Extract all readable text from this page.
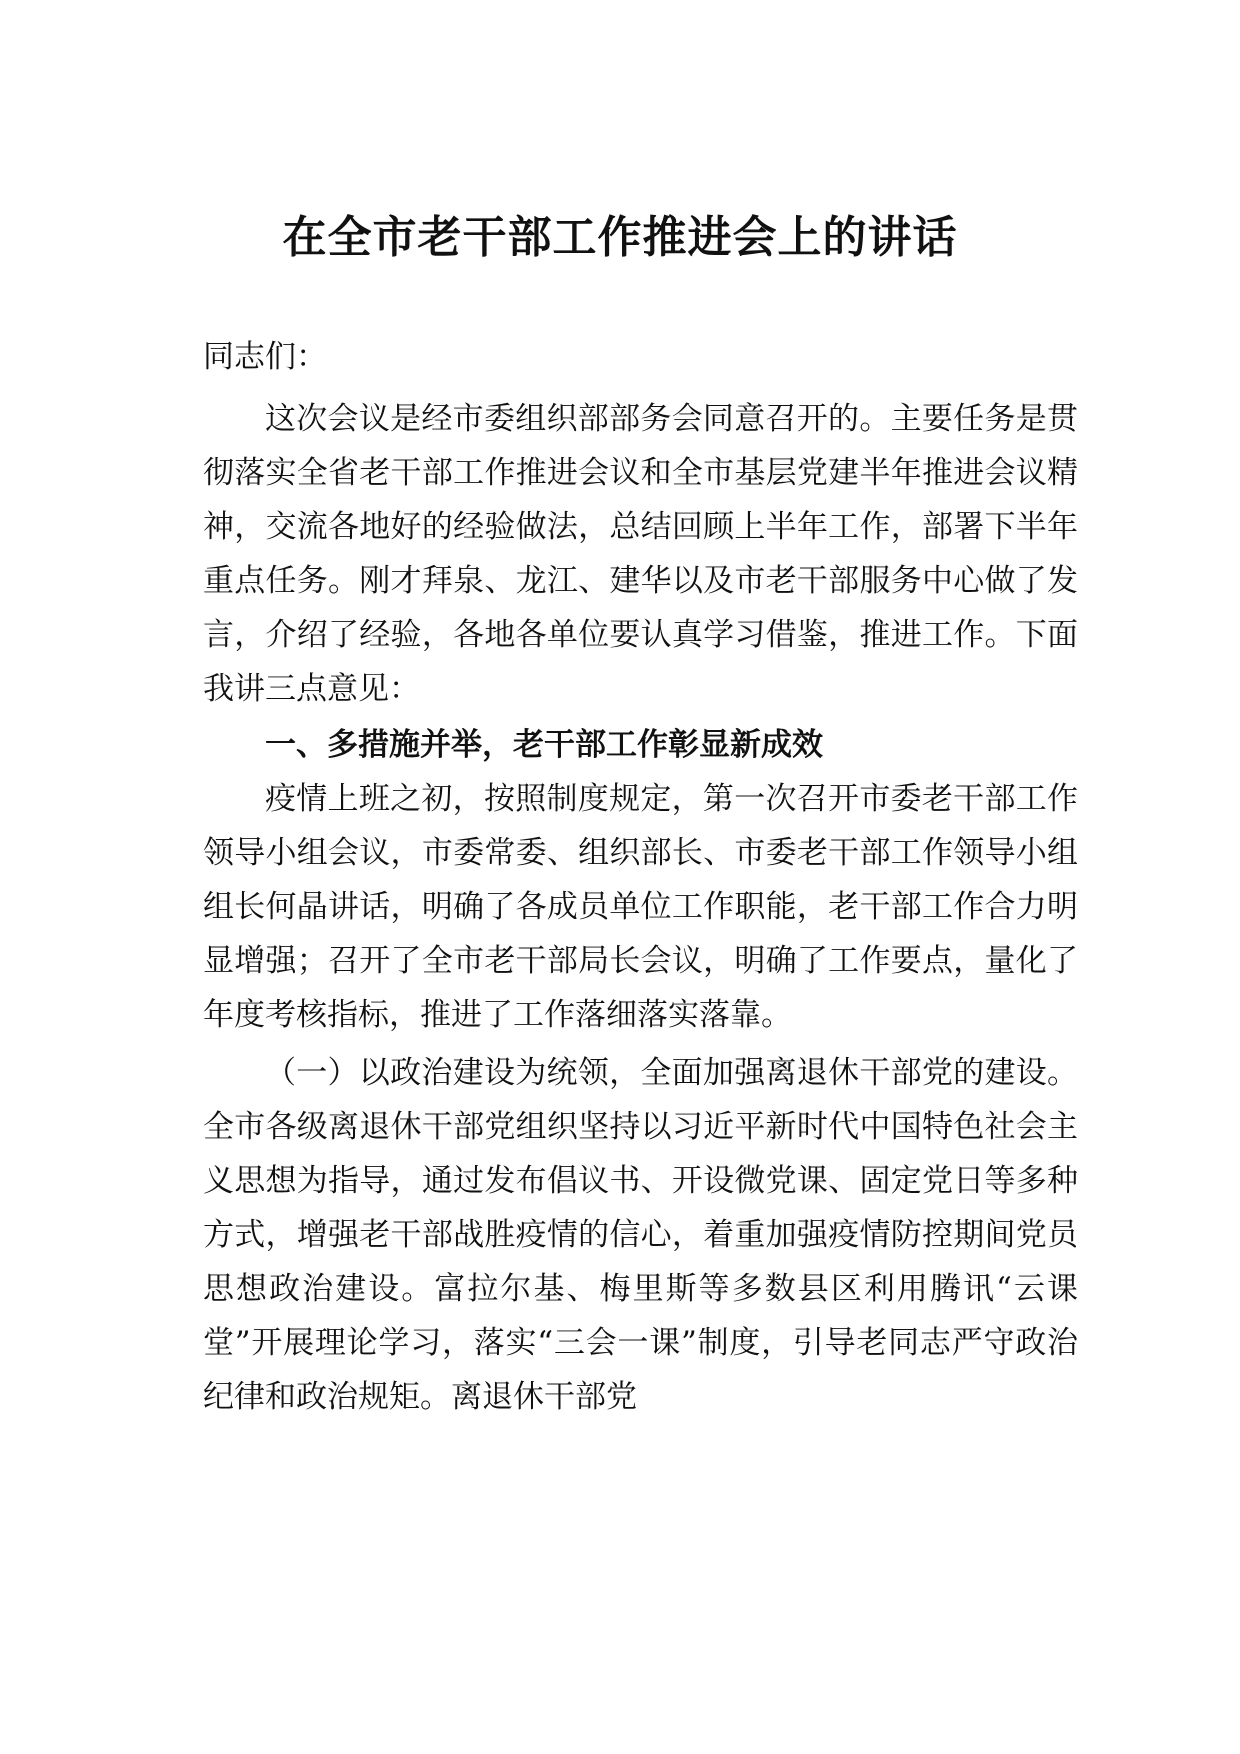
在全市老干部工作推进会上的讲话

同志们：

这次会议是经市委组织部部务会同意召开的。主要任务是贯彻落实全省老干部工作推进会议和全市基层党建半年推进会议精神，交流各地好的经验做法，总结回顾上半年工作，部署下半年重点任务。刚才拜泉、龙江、建华以及市老干部服务中心做了发言，介绍了经验，各地各单位要认真学习借鉴，推进工作。下面我讲三点意见：

一、多措施并举，老干部工作彰显新成效

疫情上班之初，按照制度规定，第一次召开市委老干部工作领导小组会议，市委常委、组织部长、市委老干部工作领导小组组长何晶讲话，明确了各成员单位工作职能，老干部工作合力明显增强；召开了全市老干部局长会议，明确了工作要点，量化了年度考核指标，推进了工作落细落实落靠。

（一）以政治建设为统领，全面加强离退休干部党的建设。全市各级离退休干部党组织坚持以习近平新时代中国特色社会主义思想为指导，通过发布倡议书、开设微党课、固定党日等多种方式，增强老干部战胜疫情的信心，着重加强疫情防控期间党员思想政治建设。富拉尔基、梅里斯等多数县区利用腾讯“云课堂”开展理论学习，落实“三会一课”制度，引导老同志严守政治纪律和政治规矩。离退休干部党
